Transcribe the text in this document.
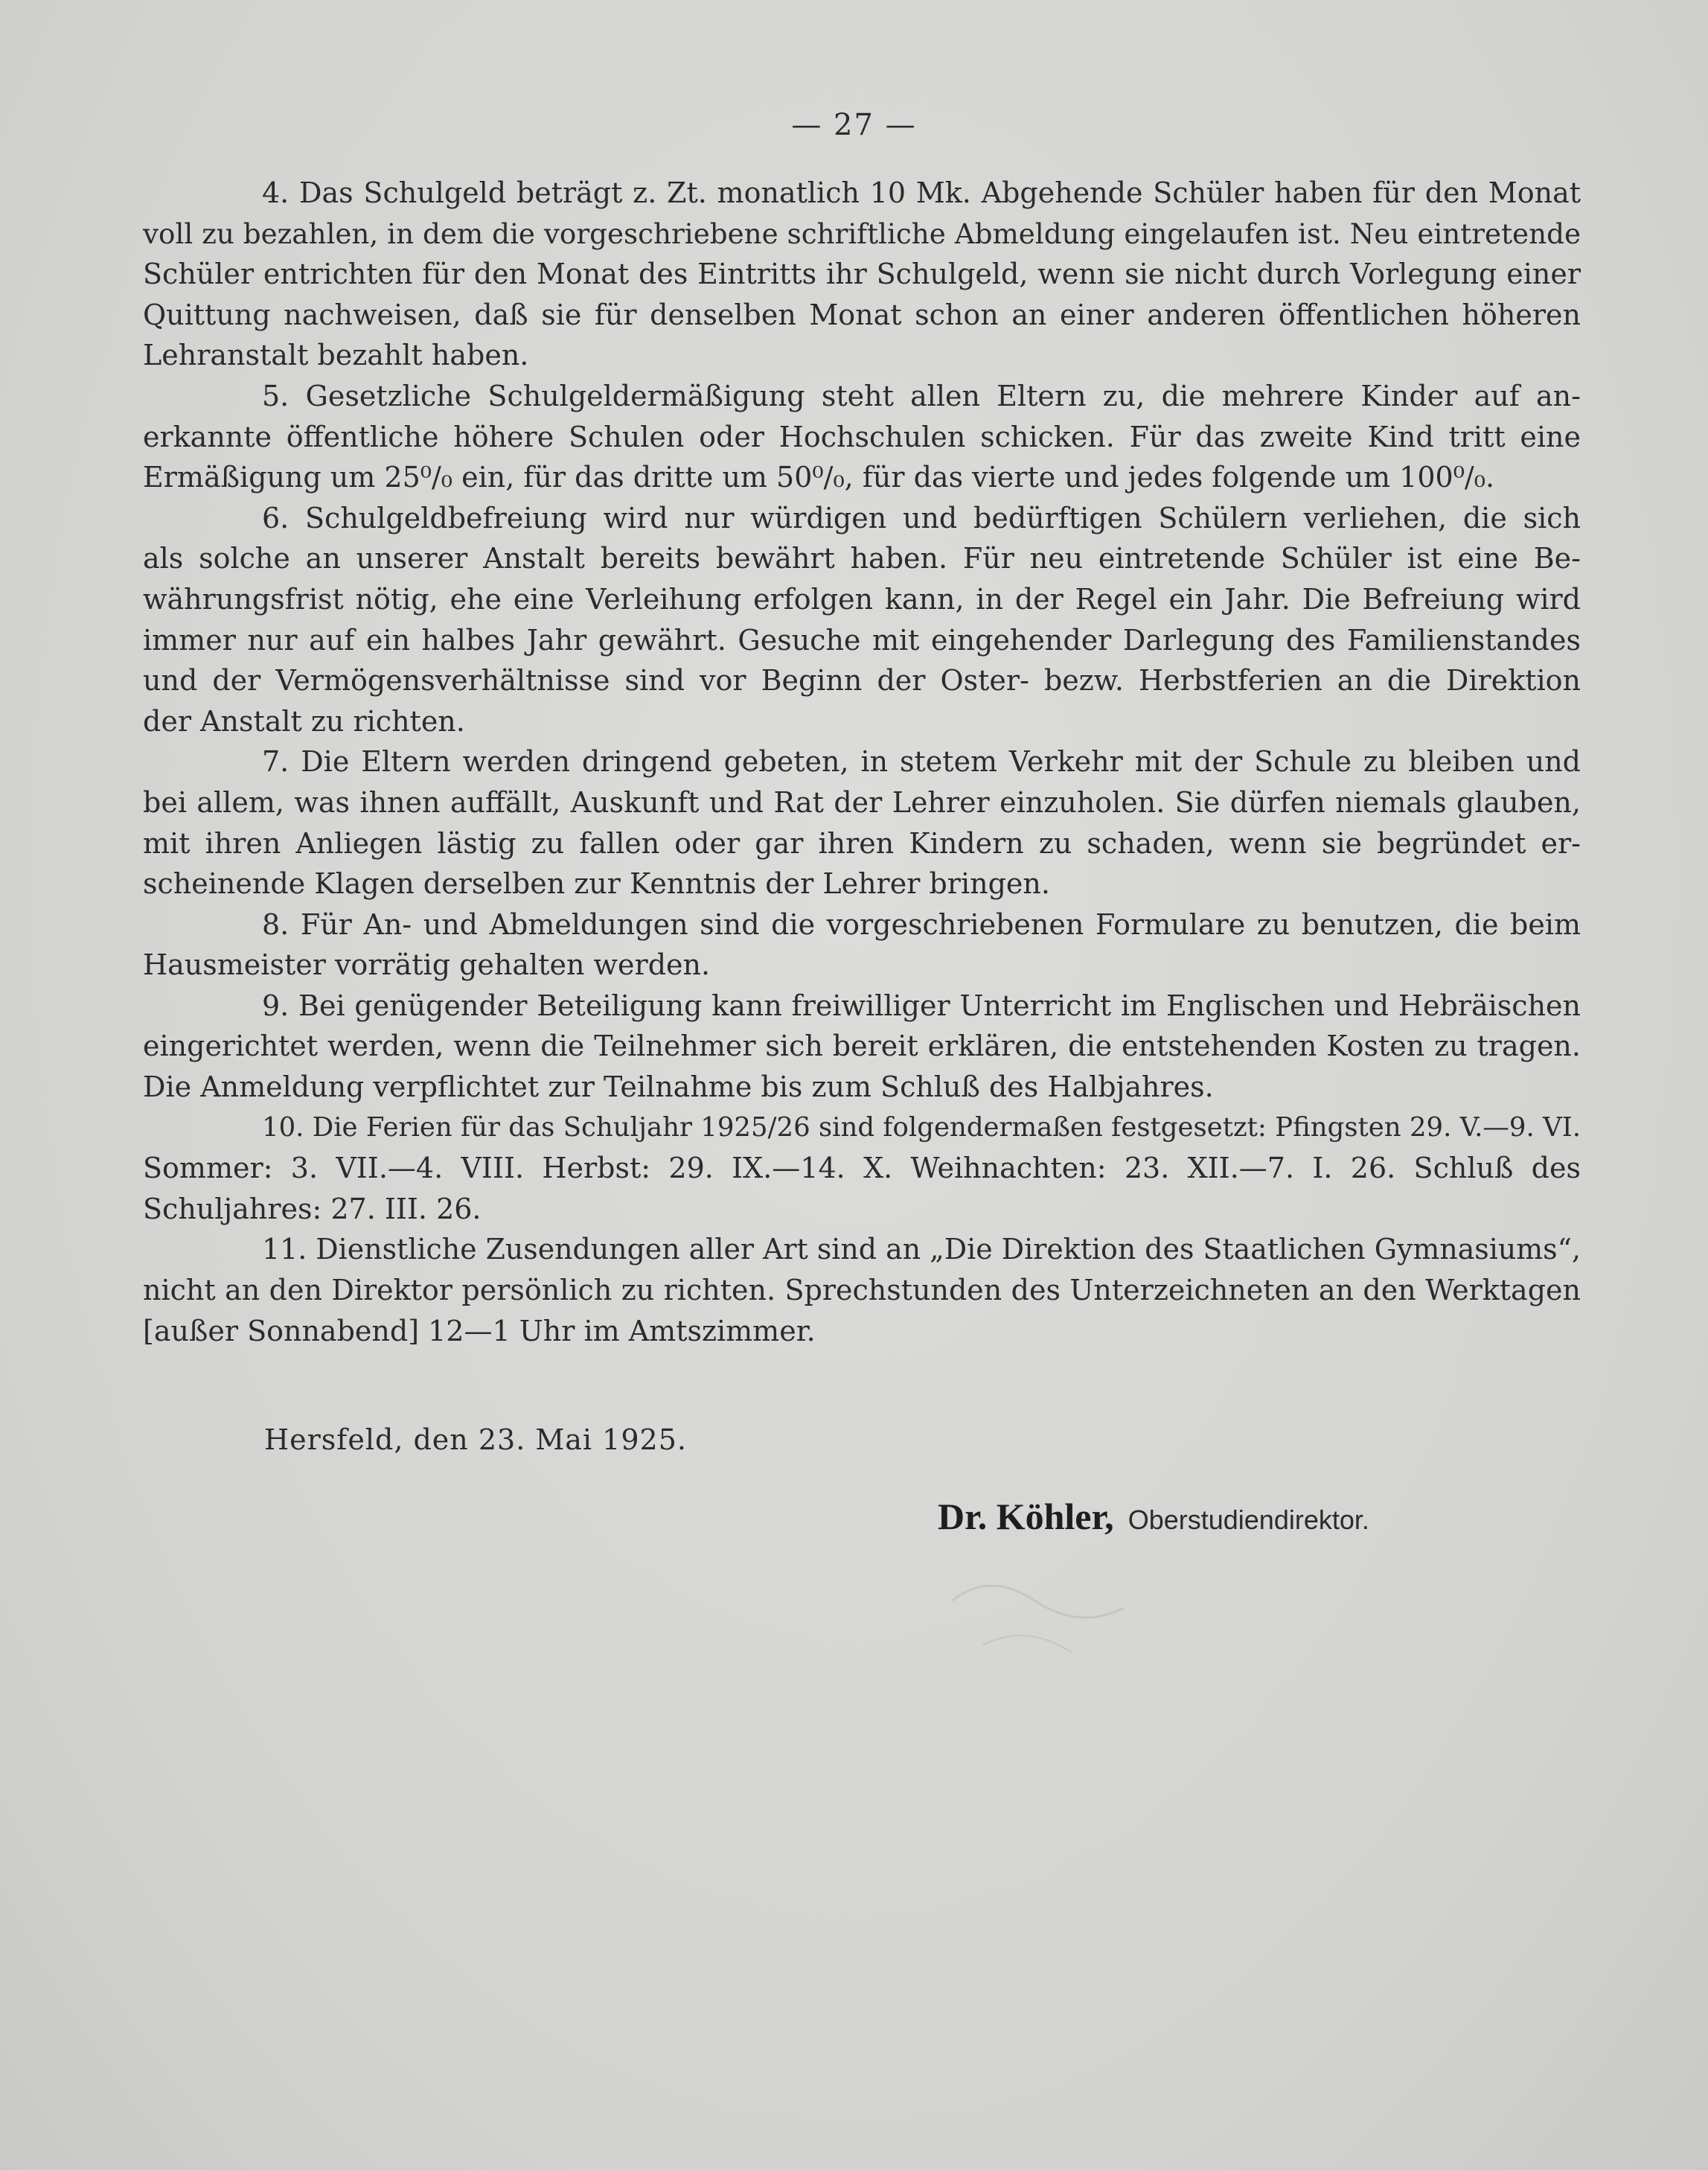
— 27 —
4. Das Schulgeld beträgt z. Zt. monatlich 10 Mk. Abgehende Schüler haben für den Monat
voll zu bezahlen, in dem die vorgeschriebene schriftliche Abmeldung eingelaufen ist. Neu eintretende
Schüler entrichten für den Monat des Eintritts ihr Schulgeld, wenn sie nicht durch Vorlegung einer
Quittung nachweisen, daß sie für denselben Monat schon an einer anderen öffentlichen höheren
Lehranstalt bezahlt haben.
5. Gesetzliche Schulgeldermäßigung steht allen Eltern zu, die mehrere Kinder auf an-
erkannte öffentliche höhere Schulen oder Hochschulen schicken. Für das zweite Kind tritt eine
Ermäßigung um 25⁰/₀ ein, für das dritte um 50⁰/₀, für das vierte und jedes folgende um 100⁰/₀.
6. Schulgeldbefreiung wird nur würdigen und bedürftigen Schülern verliehen, die sich
als solche an unserer Anstalt bereits bewährt haben. Für neu eintretende Schüler ist eine Be-
währungsfrist nötig, ehe eine Verleihung erfolgen kann, in der Regel ein Jahr. Die Befreiung wird
immer nur auf ein halbes Jahr gewährt. Gesuche mit eingehender Darlegung des Familienstandes
und der Vermögensverhältnisse sind vor Beginn der Oster- bezw. Herbstferien an die Direktion
der Anstalt zu richten.
7. Die Eltern werden dringend gebeten, in stetem Verkehr mit der Schule zu bleiben und
bei allem, was ihnen auffällt, Auskunft und Rat der Lehrer einzuholen. Sie dürfen niemals glauben,
mit ihren Anliegen lästig zu fallen oder gar ihren Kindern zu schaden, wenn sie begründet er-
scheinende Klagen derselben zur Kenntnis der Lehrer bringen.
8. Für An- und Abmeldungen sind die vorgeschriebenen Formulare zu benutzen, die beim
Hausmeister vorrätig gehalten werden.
9. Bei genügender Beteiligung kann freiwilliger Unterricht im Englischen und Hebräischen
eingerichtet werden, wenn die Teilnehmer sich bereit erklären, die entstehenden Kosten zu tragen.
Die Anmeldung verpflichtet zur Teilnahme bis zum Schluß des Halbjahres.
10. Die Ferien für das Schuljahr 1925/26 sind folgendermaßen festgesetzt: Pfingsten 29. V.—9. VI.
Sommer: 3. VII.—4. VIII. Herbst: 29. IX.—14. X. Weihnachten: 23. XII.—7. I. 26. Schluß des
Schuljahres: 27. III. 26.
11. Dienstliche Zusendungen aller Art sind an „Die Direktion des Staatlichen Gymnasiums“,
nicht an den Direktor persönlich zu richten. Sprechstunden des Unterzeichneten an den Werktagen
[außer Sonnabend] 12—1 Uhr im Amtszimmer.
Hersfeld, den 23. Mai 1925.
Dr. Köhler, Oberstudiendirektor.
